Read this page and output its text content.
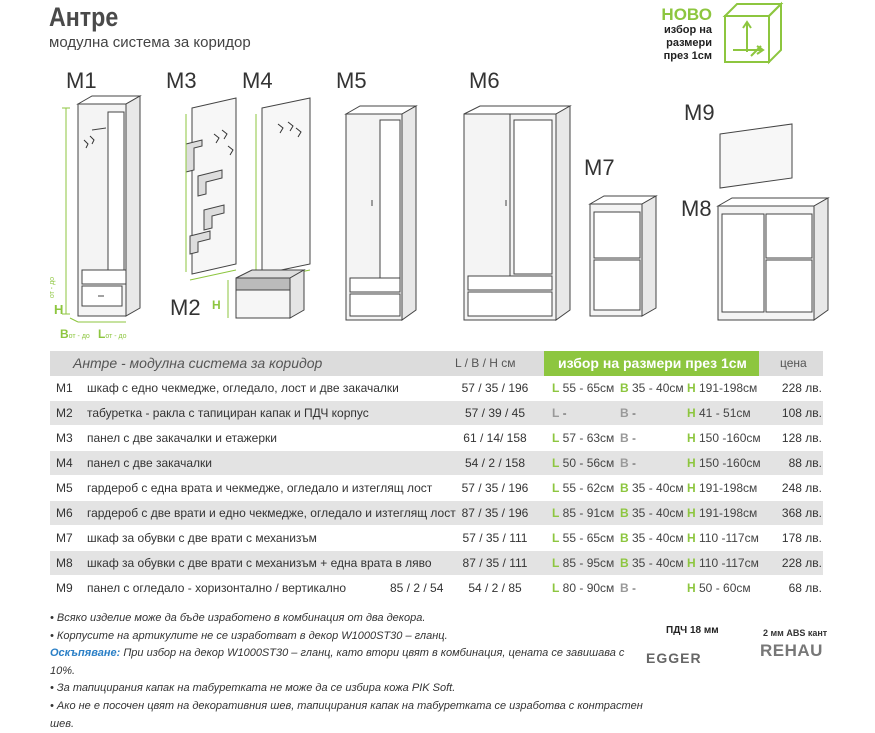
Антре
модулна система за коридор
НОВО
избор на
размери
през 1см
M1	M3 M4	M5	M6
M9
M7
M8
M2
H
от - до
Bот - до Lот - до
H
Антре - модулна система за коридор	L / B / H см	избор на размери през 1см	цена
M1	шкаф с едно чекмедже, огледало, лост и две закачалки	57 / 35 / 196	L 55 - 65см B 35 - 40см H 191-198см	228 лв.
M2	табуретка - ракла с тапициран капак и ПДЧ корпус	57 / 39 / 45	L -	B -	H 41 - 51см	108 лв.
M3	панел с две закачалки и етажерки	61 / 14/ 158	L 57 - 63см B -	H 150 -160см	128 лв.
M4	панел с две закачалки	54 / 2 / 158	L 50 - 56см B -	H 150 -160см	88 лв.
M5	гардероб с една врата и чекмедже, огледало и изтеглящ лост	57 / 35 / 196	L 55 - 62см B 35 - 40см H 191-198см	248 лв.
M6	гардероб с две врати и едно чекмедже, огледало и изтеглящ лост 87 / 35 / 196	L 85 - 91см B 35 - 40см H 191-198см	368 лв.
M7	шкаф за обувки с две врати с механизъм	57 / 35 / 111	L 55 - 65см B 35 - 40см H 110 -117см	178 лв.
M8	шкаф за обувки с две врати с механизъм + една врата в ляво	87 / 35 / 111	L 85 - 95см B 35 - 40см H 110 -117см	228 лв.
M9	панел с огледало - хоризонтално / вертикално	85 / 2 / 54	54 / 2 / 85	L 80 - 90см B -	H 50 - 60см	68 лв.
• Всяко изделие може да бъде изработено в комбинация от два декора.
• Корпусите на артикулите не се изработват в декор W1000ST30 – гланц.
Оскъпяване: При избор на декор W1000ST30 – гланц, като втори цвят в комбинация, цената се завишава с 10%.
• За тапицирания капак на табуретката не може да се избира кожа PIK Soft.
• Ако не е посочен цвят на декоративния шев, тапицирания капак на табуретката се изработва с контрастен шев.
ПДЧ 18 мм
EGGER
2 мм ABS кант
REHAU
